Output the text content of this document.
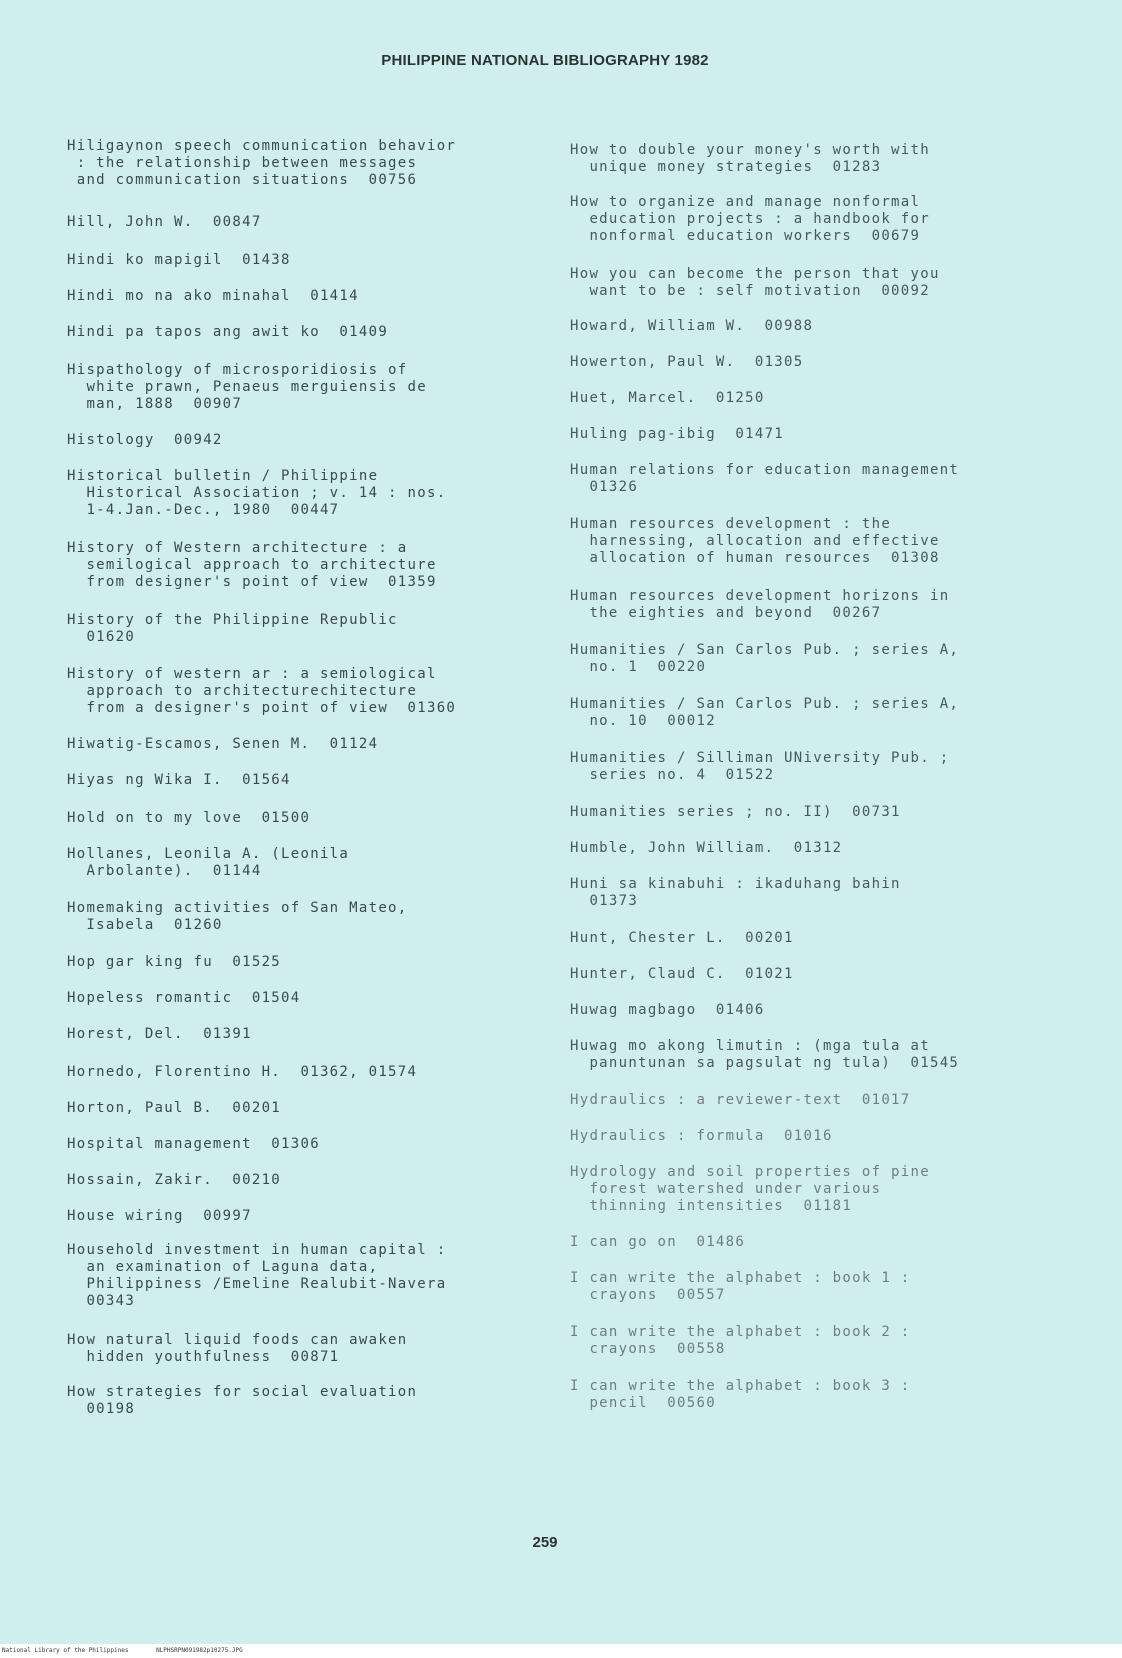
PHILIPPINE NATIONAL BIBLIOGRAPHY 1982
Hiligaynon speech communication behavior
: the relationship between messages
and communication situations  00756
Hill, John W.  00847
Hindi ko mapigil  01438
Hindi mo na ako minahal  01414
Hindi pa tapos ang awit ko  01409
Hispathology of microsporidiosis of
white prawn, Penaeus merguiensis de
man, 1888  00907
Histology  00942
Historical bulletin / Philippine
Historical Association ; v. 14 : nos.
1-4.Jan.-Dec., 1980  00447
History of Western architecture : a
semilogical approach to architecture
from designer's point of view  01359
History of the Philippine Republic
01620
History of western ar : a semiological
approach to architecturechitecture
from a designer's point of view  01360
Hiwatig-Escamos, Senen M.  01124
Hiyas ng Wika I.  01564
Hold on to my love  01500
Hollanes, Leonila A. (Leonila
Arbolante).  01144
Homemaking activities of San Mateo,
Isabela  01260
Hop gar king fu  01525
Hopeless romantic  01504
Horest, Del.  01391
Hornedo, Florentino H.  01362, 01574
Horton, Paul B.  00201
Hospital management  01306
Hossain, Zakir.  00210
House wiring  00997
Household investment in human capital :
an examination of Laguna data,
Philippiness /Emeline Realubit-Navera
00343
How natural liquid foods can awaken
hidden youthfulness  00871
How strategies for social evaluation
00198
How to double your money's worth with
unique money strategies  01283
How to organize and manage nonformal
education projects : a handbook for
nonformal education workers  00679
How you can become the person that you
want to be : self motivation  00092
Howard, William W.  00988
Howerton, Paul W.  01305
Huet, Marcel.  01250
Huling pag-ibig  01471
Human relations for education management
01326
Human resources development : the
harnessing, allocation and effective
allocation of human resources  01308
Human resources development horizons in
the eighties and beyond  00267
Humanities / San Carlos Pub. ; series A,
no. 1  00220
Humanities / San Carlos Pub. ; series A,
no. 10  00012
Humanities / Silliman UNiversity Pub. ;
series no. 4  01522
Humanities series ; no. II)  00731
Humble, John William.  01312
Huni sa kinabuhi : ikaduhang bahin
01373
Hunt, Chester L.  00201
Hunter, Claud C.  01021
Huwag magbago  01406
Huwag mo akong limutin : (mga tula at
panuntunan sa pagsulat ng tula)  01545
Hydraulics : a reviewer-text  01017
Hydraulics : formula  01016
Hydrology and soil properties of pine
forest watershed under various
thinning intensities  01181
I can go on  01486
I can write the alphabet : book 1 :
crayons  00557
I can write the alphabet : book 2 :
crayons  00558
I can write the alphabet : book 3 :
pencil  00560
259
National Library of the Philippines	NLPHSRPN091982p10275.JPG
